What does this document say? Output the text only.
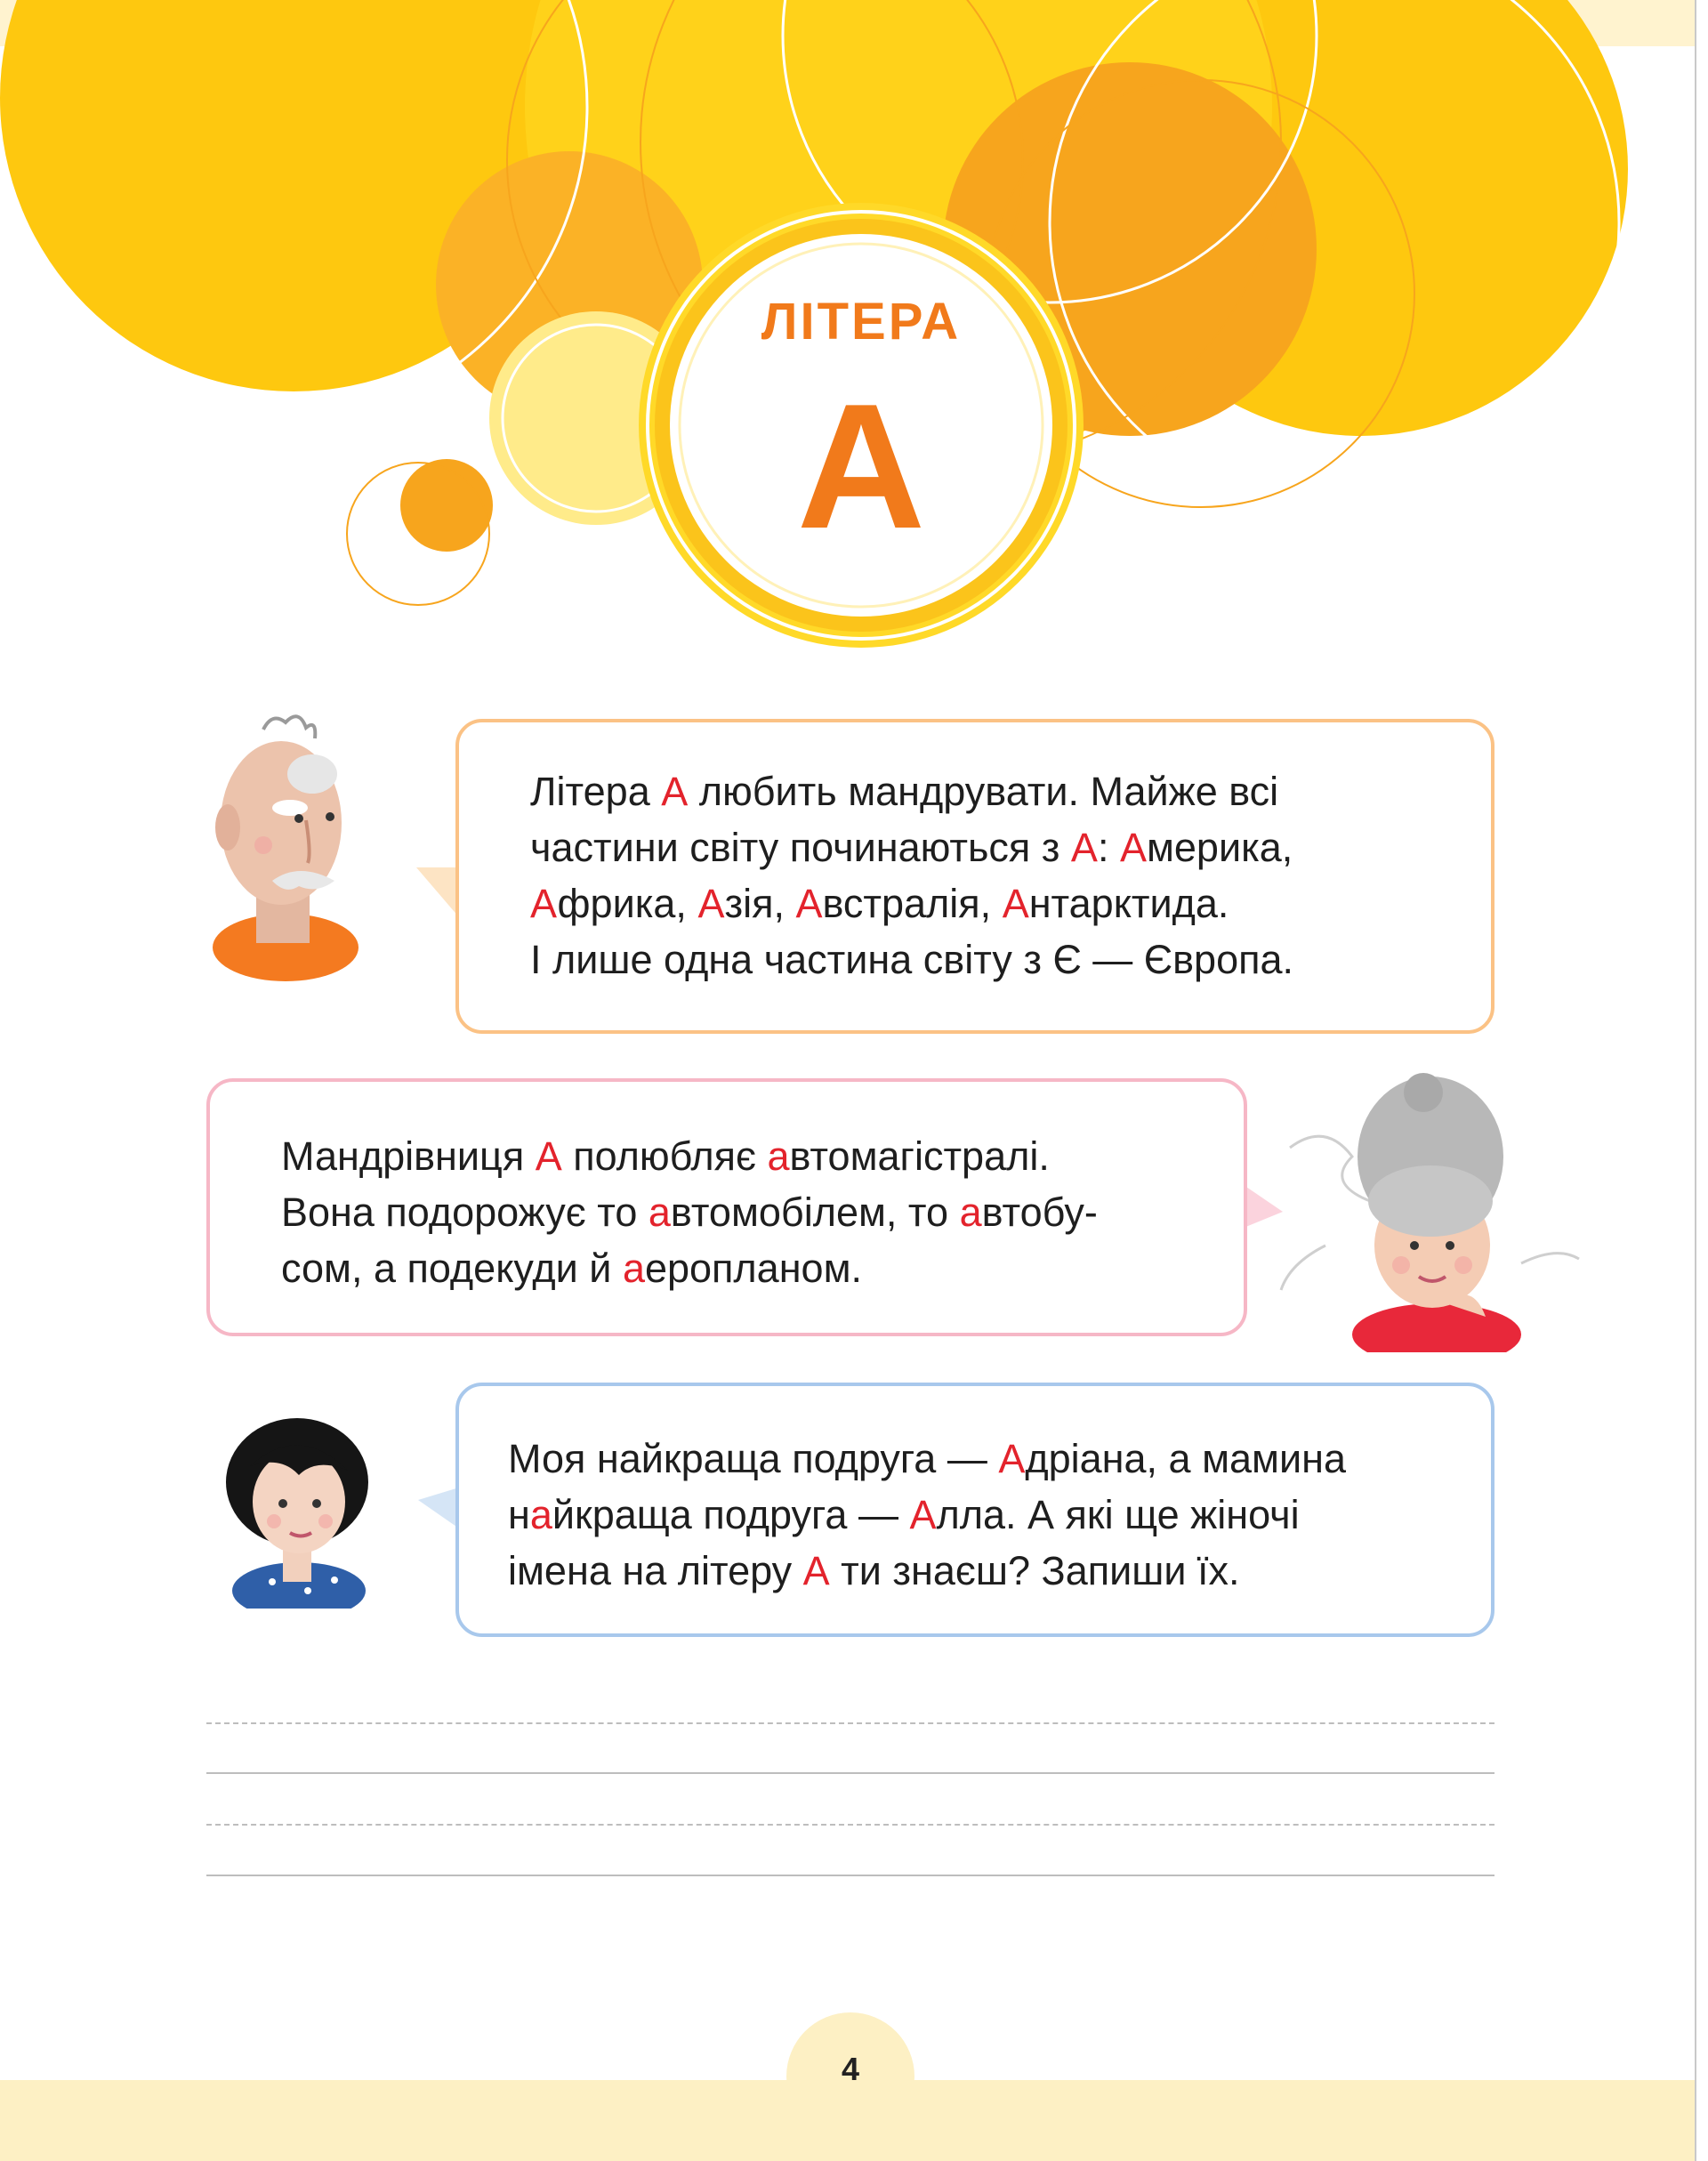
ЛІТЕРА
А

Літера А любить мандрувати. Майже всі

частини світу починаються з А: Америка,

Африка, Азія, Австралія, Антарктида.

І лише одна частина світу з Є — Європа.

Мандрівниця А полюбляє автомагістралі.

Вона подорожує то автомобілем, то автобу-

сом, а подекуди й аеропланом.

Моя найкраща подруга — Адріана, а мамина

найкраща подруга — Алла. А які ще жіночі

імена на літеру А ти знаєш? Запиши їх.

4
